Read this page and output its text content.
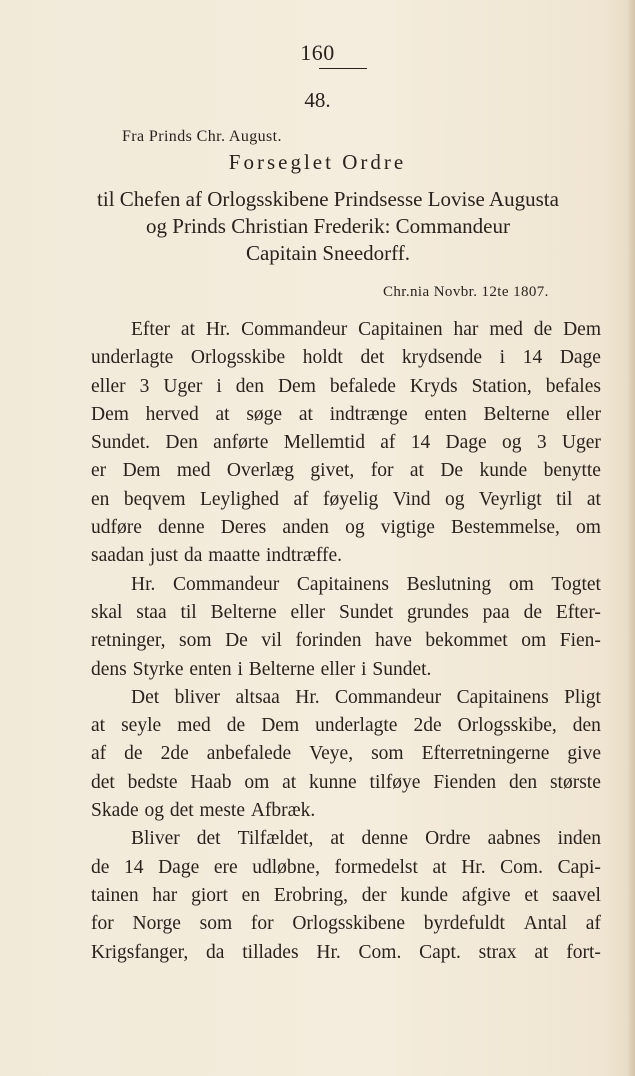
160
48.
Fra Prinds Chr. August.
Forseglet Ordre
til Chefen af Orlogsskibene Prindsesse Lovise Augusta
og Prinds Christian Frederik: Commandeur
Capitain Sneedorff.
Chr.nia Novbr. 12te 1807.
Efter at Hr. Commandeur Capitainen har med de Dem
underlagte Orlogsskibe holdt det krydsende i 14 Dage
eller 3 Uger i den Dem befalede Kryds Station, befales
Dem herved at søge at indtrænge enten Belterne eller
Sundet. Den anførte Mellemtid af 14 Dage og 3 Uger
er Dem med Overlæg givet, for at De kunde benytte
en beqvem Leylighed af føyelig Vind og Veyrligt til at
udføre denne Deres anden og vigtige Bestemmelse, om
saadan just da maatte indtræffe.
Hr. Commandeur Capitainens Beslutning om Togtet
skal staa til Belterne eller Sundet grundes paa de Efter-
retninger, som De vil forinden have bekommet om Fien-
dens Styrke enten i Belterne eller i Sundet.
Det bliver altsaa Hr. Commandeur Capitainens Pligt
at seyle med de Dem underlagte 2de Orlogsskibe, den
af de 2de anbefalede Veye, som Efterretningerne give
det bedste Haab om at kunne tilføye Fienden den største
Skade og det meste Afbræk.
Bliver det Tilfældet, at denne Ordre aabnes inden
de 14 Dage ere udløbne, formedelst at Hr. Com. Capi-
tainen har giort en Erobring, der kunde afgive et saavel
for Norge som for Orlogsskibene byrdefuldt Antal af
Krigsfanger, da tillades Hr. Com. Capt. strax at fort-
